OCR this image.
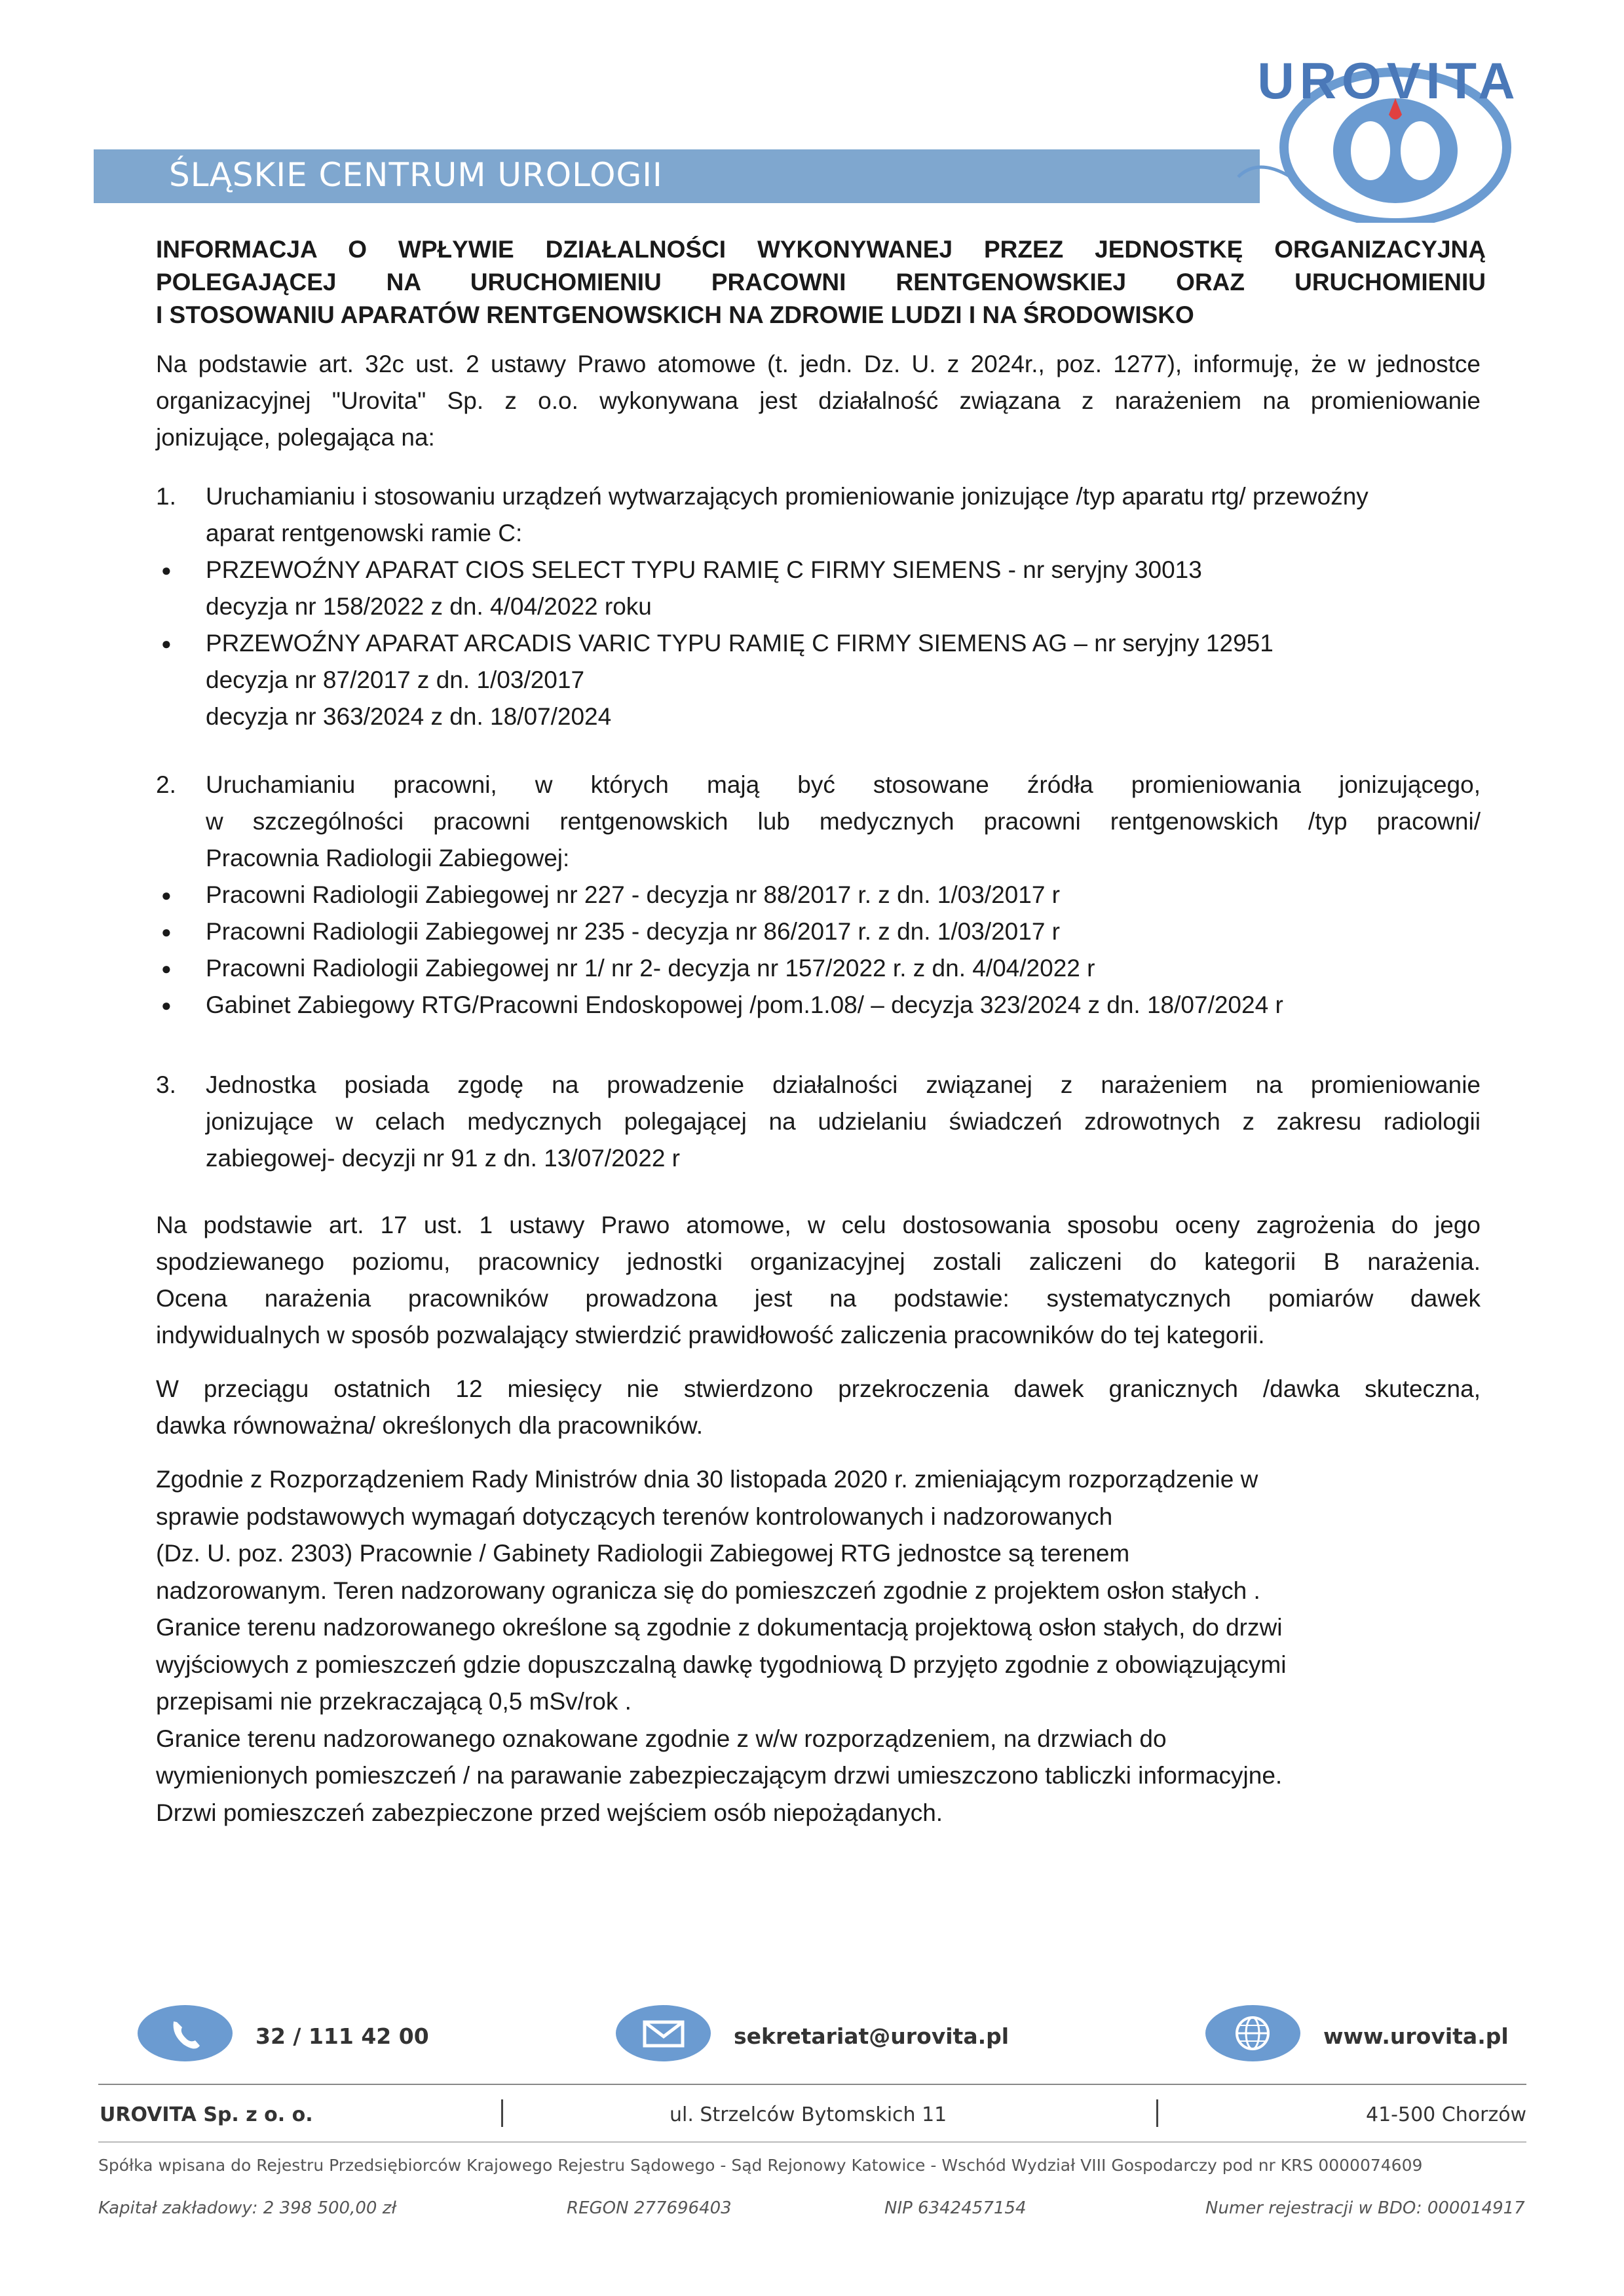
ŚLĄSKIE CENTRUM UROLOGII
UROVITA
INFORMACJA O WPŁYWIE DZIAŁALNOŚCI WYKONYWANEJ PRZEZ JEDNOSTKĘ ORGANIZACYJNĄ
POLEGAJĄCEJ NA URUCHOMIENIU PRACOWNI RENTGENOWSKIEJ ORAZ URUCHOMIENIU
I STOSOWANIU APARATÓW RENTGENOWSKICH NA ZDROWIE LUDZI I NA ŚRODOWISKO
Na podstawie art. 32c ust. 2 ustawy Prawo atomowe (t. jedn. Dz. U. z 2024r., poz. 1277), informuję, że w jednostce
organizacyjnej "Urovita" Sp. z o.o. wykonywana jest działalność związana z narażeniem na promieniowanie
jonizujące, polegająca na:
1. Uruchamianiu i stosowaniu urządzeń wytwarzających promieniowanie jonizujące /typ aparatu rtg/ przewoźny
aparat rentgenowski ramie C:
● PRZEWOŹNY APARAT CIOS SELECT TYPU RAMIĘ C FIRMY SIEMENS - nr seryjny 30013
decyzja nr 158/2022 z dn. 4/04/2022 roku
● PRZEWOŹNY APARAT ARCADIS VARIC TYPU RAMIĘ C FIRMY SIEMENS AG – nr seryjny 12951
decyzja nr 87/2017 z dn. 1/03/2017
decyzja nr 363/2024 z dn. 18/07/2024
2. Uruchamianiu pracowni, w których mają być stosowane źródła promieniowania jonizującego,
w szczególności pracowni rentgenowskich lub medycznych pracowni rentgenowskich /typ pracowni/
Pracownia Radiologii Zabiegowej:
● Pracowni Radiologii Zabiegowej nr 227 - decyzja nr 88/2017 r. z dn. 1/03/2017 r
● Pracowni Radiologii Zabiegowej nr 235 - decyzja nr 86/2017 r. z dn. 1/03/2017 r
● Pracowni Radiologii Zabiegowej nr 1/ nr 2- decyzja nr 157/2022 r. z dn. 4/04/2022 r
● Gabinet Zabiegowy RTG/Pracowni Endoskopowej /pom.1.08/ – decyzja 323/2024 z dn. 18/07/2024 r
3. Jednostka posiada zgodę na prowadzenie działalności związanej z narażeniem na promieniowanie
jonizujące w celach medycznych polegającej na udzielaniu świadczeń zdrowotnych z zakresu radiologii
zabiegowej- decyzji nr 91 z dn. 13/07/2022 r
Na podstawie art. 17 ust. 1 ustawy Prawo atomowe, w celu dostosowania sposobu oceny zagrożenia do jego
spodziewanego poziomu, pracownicy jednostki organizacyjnej zostali zaliczeni do kategorii B narażenia.
Ocena narażenia pracowników prowadzona jest na podstawie: systematycznych pomiarów dawek
indywidualnych w sposób pozwalający stwierdzić prawidłowość zaliczenia pracowników do tej kategorii.
W przeciągu ostatnich 12 miesięcy nie stwierdzono przekroczenia dawek granicznych /dawka skuteczna,
dawka równoważna/ określonych dla pracowników.
Zgodnie z Rozporządzeniem Rady Ministrów dnia 30 listopada 2020 r. zmieniającym rozporządzenie w
sprawie podstawowych wymagań dotyczących terenów kontrolowanych i nadzorowanych
(Dz. U. poz. 2303) Pracownie / Gabinety Radiologii Zabiegowej RTG jednostce są terenem
nadzorowanym. Teren nadzorowany ogranicza się do pomieszczeń zgodnie z projektem osłon stałych .
Granice terenu nadzorowanego określone są zgodnie z dokumentacją projektową osłon stałych, do drzwi
wyjściowych z pomieszczeń gdzie dopuszczalną dawkę tygodniową D przyjęto zgodnie z obowiązującymi
przepisami nie przekraczającą 0,5 mSv/rok .
Granice terenu nadzorowanego oznakowane zgodnie z w/w rozporządzeniem, na drzwiach do
wymienionych pomieszczeń / na parawanie zabezpieczającym drzwi umieszczono tabliczki informacyjne.
Drzwi pomieszczeń zabezpieczone przed wejściem osób niepożądanych.
32 / 111 42 00	sekretariat@urovita.pl	www.urovita.pl
UROVITA Sp. z o. o.	ul. Strzelców Bytomskich 11	41-500 Chorzów
Spółka wpisana do Rejestru Przedsiębiorców Krajowego Rejestru Sądowego - Sąd Rejonowy Katowice - Wschód Wydział VIII Gospodarczy pod nr KRS 0000074609
Kapitał zakładowy: 2 398 500,00 zł	REGON 277696403	NIP 6342457154	Numer rejestracji w BDO: 000014917
